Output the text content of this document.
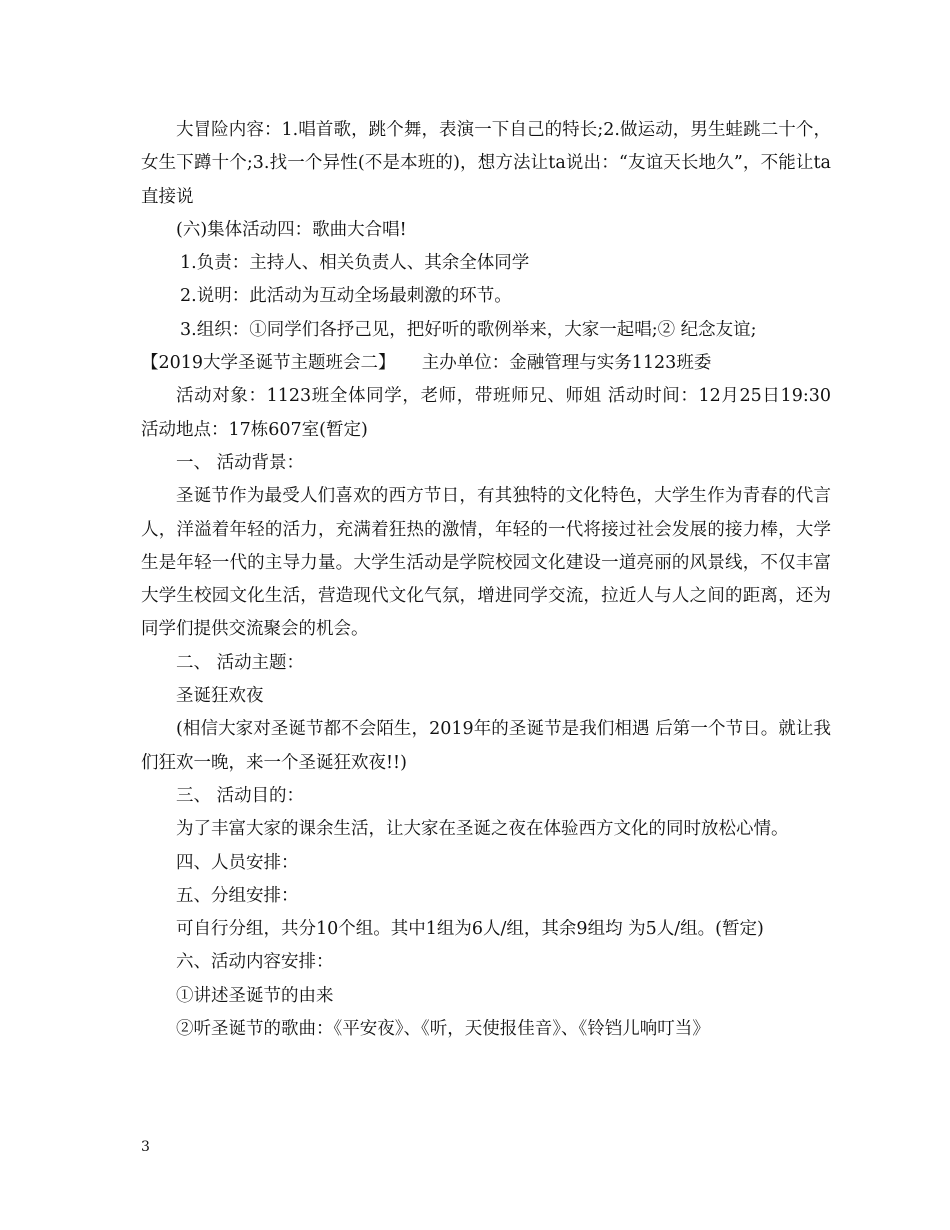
大冒险内容：1.唱首歌，跳个舞，表演一下自己的特长;2.做运动，男生蛙跳二十个，女生下蹲十个;3.找一个异性(不是本班的)，想方法让ta说出：“友谊天长地久”，不能让ta直接说

(六)集体活动四：歌曲大合唱!

1.负责：主持人、相关负责人、其余全体同学

2.说明：此活动为互动全场最刺激的环节。

3.组织：①同学们各抒己见，把好听的歌例举来，大家一起唱;② 纪念友谊;

【2019大学圣诞节主题班会二】　　主办单位：金融管理与实务1123班委

活动对象：1123班全体同学，老师，带班师兄、师姐 活动时间：12月25日19:30 活动地点：17栋607室(暂定)

一、 活动背景：

圣诞节作为最受人们喜欢的西方节日，有其独特的文化特色，大学生作为青春的代言人，洋溢着年轻的活力，充满着狂热的激情，年轻的一代将接过社会发展的接力棒，大学生是年轻一代的主导力量。大学生活动是学院校园文化建设一道亮丽的风景线，不仅丰富大学生校园文化生活，营造现代文化气氛，增进同学交流，拉近人与人之间的距离，还为同学们提供交流聚会的机会。

二、 活动主题：

圣诞狂欢夜

(相信大家对圣诞节都不会陌生，2019年的圣诞节是我们相遇 后第一个节日。就让我们狂欢一晚，来一个圣诞狂欢夜!!)

三、 活动目的：

为了丰富大家的课余生活，让大家在圣诞之夜在体验西方文化的同时放松心情。

四、人员安排：

五、分组安排：

可自行分组，共分10个组。其中1组为6人/组，其余9组均 为5人/组。(暂定)

六、活动内容安排：

①讲述圣诞节的由来

②听圣诞节的歌曲：《平安夜》、《听，天使报佳音》、《铃铛儿响叮当》

3
